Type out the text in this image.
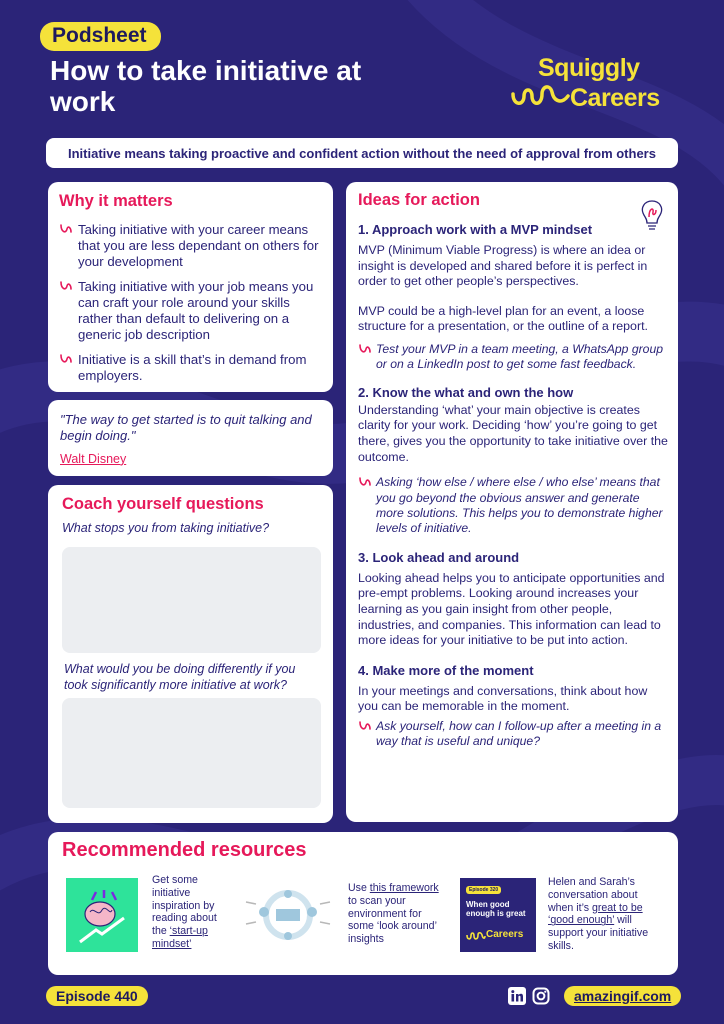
Podsheet
How to take initiative at work
Squiggly
Careers
Initiative means taking proactive and confident action without the need of approval from others
Why it matters
Taking initiative with your career means that you are less dependant on others for your development
Taking initiative with your job means you can craft your role around your skills rather than default to delivering on a generic job description
Initiative is a skill that’s in demand from employers.
"The way to get started is to quit talking and begin doing."
Walt Disney
Coach yourself questions
What stops you from taking initiative?
What would you be doing differently if you took significantly more initiative at work?
Ideas for action
1. Approach work with a MVP mindset

MVP (Minimum Viable Progress) is where an idea or insight is developed and shared before it is perfect in order to get other people’s perspectives.

MVP could be a high-level plan for an event, a loose structure for a presentation, or the outline of a report.

Test your MVP in a team meeting, a WhatsApp group or on a LinkedIn post to get some fast feedback.
2. Know the what and own the how

Understanding ‘what’ your main objective is creates clarity for your work. Deciding ‘how’ you’re going to get there, gives you the opportunity to take initiative over the outcome.

Asking ‘how else / where else / who else’ means that you go beyond the obvious answer and generate more solutions. This helps you to demonstrate higher levels of initiative.
3. Look ahead and around

Looking ahead helps you to anticipate opportunities and pre-empt problems. Looking around increases your learning as you gain insight from other people, industries, and companies. This information can lead to more ideas for your initiative to be put into action.

4. Make more of the moment

In your meetings and conversations, think about how you can be memorable in the moment.

Ask yourself, how can I follow-up after a meeting in a way that is useful and unique?
Recommended resources
Get some initiative inspiration by reading about the ‘start-up mindset’
Use this framework to scan your environment for some ‘look around’ insights
Episode 320
When good enough is great
Careers
Helen and Sarah’s conversation about when it’s great to be ‘good enough’ will support your initiative skills.
Episode 440	amazingif.com
